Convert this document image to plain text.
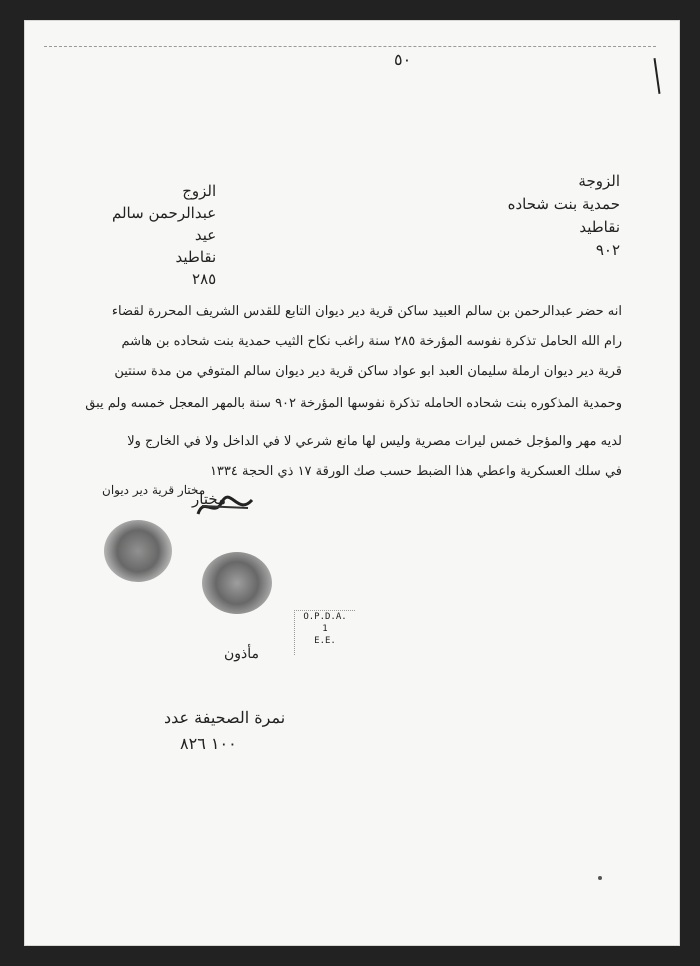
٥٠
الزوجة
حمدية بنت شحاده
نقاطيد
٩٠٢
الزوج
عبدالرحمن سالم
عيد
نقاطيد
٢٨٥
انه حضر عبدالرحمن بن سالم العبيد ساكن قرية دير ديوان التابع للقدس الشريف المحررة لقضاء
رام الله الحامل تذكرة نفوسه المؤرخة ٢٨٥ سنة راغب نكاح الثيب حمدية بنت شحاده بن هاشم
قرية دير ديوان ارملة سليمان العبد ابو عواد ساكن قرية دير ديوان سالم المتوفي من مدة سنتين
وحمدية المذكوره بنت شحاده الحامله تذكرة نفوسها المؤرخة ٩٠٢ سنة بالمهر المعجل خمسه ولم يبق
لديه مهر والمؤجل خمس ليرات مصرية وليس لها مانع شرعي لا في الداخل ولا في الخارج ولا
في سلك العسكرية واعطي هذا الضبط حسب صك الورقة ١٧ ذي الحجة ١٣٣٤
مختار
مختار قرية دير ديوان
O.P.D.A.
1
E.E.
مأذون
نمرة الصحيفة عدد
١٠٠ ٨٢٦
